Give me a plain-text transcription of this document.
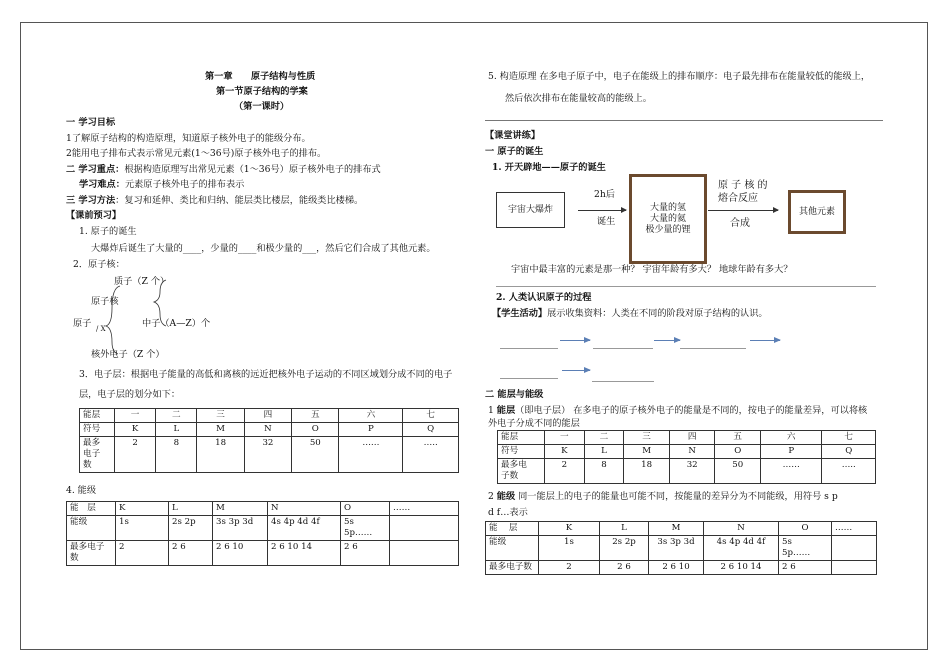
第一章　　原子结构与性质
第一节原子结构的学案
（第一课时）
一 学习目标
1了解原子结构的构造原理，知道原子核外电子的能级分布。
2能用电子排布式表示常见元素(1～36号)原子核外电子的排布。
二 学习重点：根据构造原理写出常见元素（1～36号）原子核外电子的排布式
学习难点：元素原子核外电子的排布表示
三 学习方法：复习和延伸、类比和归纳、能层类比楼层，能级类比楼梯。
【课前预习】
1. 原子的诞生
大爆炸后诞生了大量的____，少量的____和极少量的___，然后它们合成了其他元素。
2．原子核：
质子（Z 个）
原子核
原子 / X	中子（A—Z）个
核外电子（Z 个）
3．电子层：根据电子能量的高低和离核的远近把核外电子运动的不同区域划分成不同的电子
层，电子层的划分如下：
能层	一	二	三	四	五	六	七
符号	K	L	M	N	O	P	Q
最多
电子
数	2	8	18	32	50	……	…..
4. 能级
能　层	K	L	M	N	O	……
能级	1s	2s 2p	3s 3p 3d	4s 4p 4d 4f	5s
5p……	
最多电子
数	2	2 6	2 6 10	2 6 10 14	2 6	
5. 构造原理 在多电子原子中，电子在能级上的排布顺序：电子最先排布在能量较低的能级上，
然后依次排布在能量较高的能级上。
【课堂讲练】
一 原子的诞生
1. 开天辟地——原子的诞生
宇宙大爆炸
2h后
诞生
大量的氢
大量的氦
极少量的锂
原 子 核 的
熔合反应
合成
其他元素
宇宙中最丰富的元素是那一种？ 宇宙年龄有多大？ 地球年龄有多大？
2. 人类认识原子的过程
【学生活动】展示收集资料：人类在不同的阶段对原子结构的认识。
二 能层与能级
1 能层（即电子层） 在多电子的原子核外电子的能量是不同的，按电子的能量差异，可以将核
外电子分成不同的能层
能层	一	二	三	四	五	六	七
符号	K	L	M	N	O	P	Q
最多电
子数	2	8	18	32	50	……	…..
2 能级 同一能层上的电子的能量也可能不同，按能量的差异分为不同能级，用符号 s p
d f…表示
能　 层	K	L	M	N	O	……
能级	1s	2s 2p	3s 3p 3d	4s 4p 4d 4f	5s
5p……	
最多电子数	2	2 6	2 6 10	2 6 10 14	2 6	
